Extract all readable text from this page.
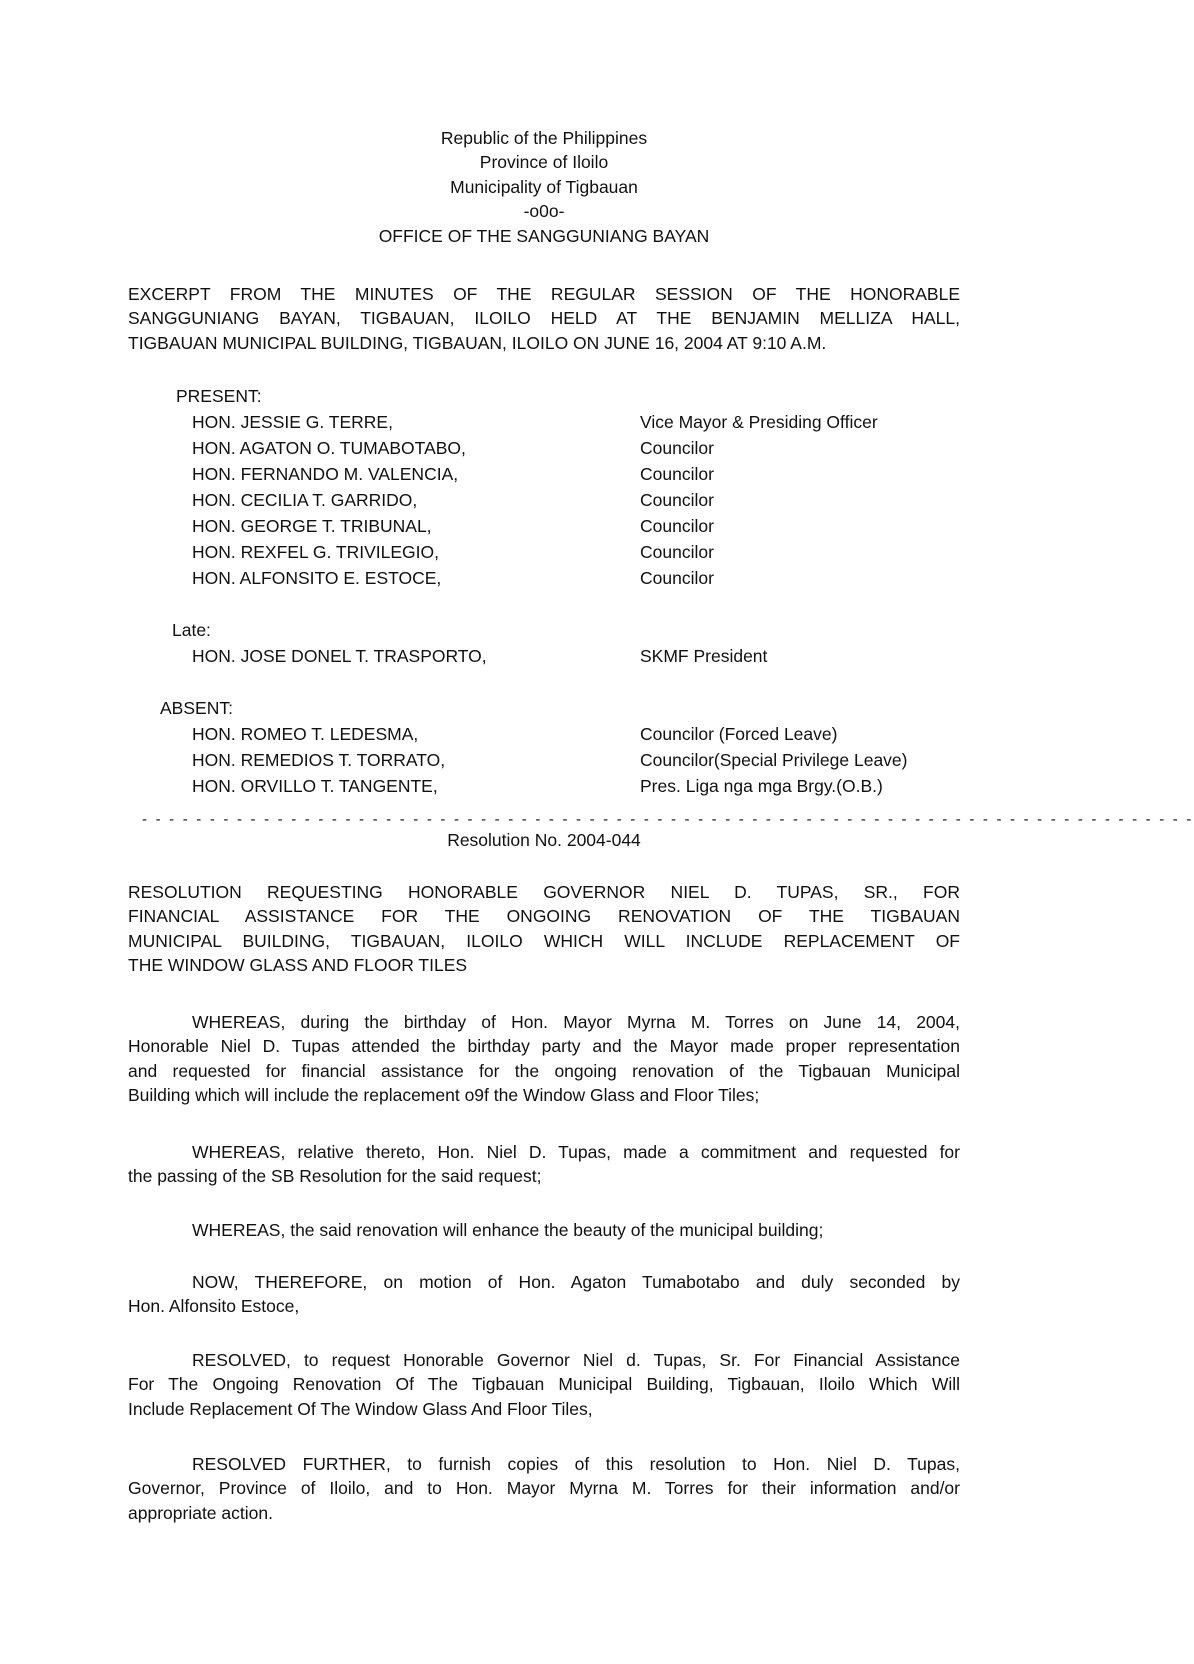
Republic of the Philippines
Province of Iloilo
Municipality of Tigbauan
-o0o-
OFFICE OF THE SANGGUNIANG BAYAN
EXCERPT FROM THE MINUTES OF THE REGULAR SESSION OF THE HONORABLE
SANGGUNIANG BAYAN, TIGBAUAN, ILOILO HELD AT THE BENJAMIN MELLIZA HALL,
TIGBAUAN MUNICIPAL BUILDING, TIGBAUAN, ILOILO ON JUNE 16, 2004 AT 9:10 A.M.
PRESENT:
HON. JESSIE G. TERRE,	Vice Mayor & Presiding Officer
HON. AGATON O. TUMABOTABO,	Councilor
HON. FERNANDO M. VALENCIA,	Councilor
HON. CECILIA T. GARRIDO,	Councilor
HON. GEORGE T. TRIBUNAL,	Councilor
HON. REXFEL G. TRIVILEGIO,	Councilor
HON. ALFONSITO E. ESTOCE,	Councilor
Late:
HON. JOSE DONEL T. TRASPORTO,	SKMF President
ABSENT:
HON. ROMEO T. LEDESMA,	Councilor (Forced Leave)
HON. REMEDIOS T. TORRATO,	Councilor(Special Privilege Leave)
HON. ORVILLO T. TANGENTE,	Pres. Liga nga mga Brgy.(O.B.)
- - - - - - - - - - - - - - - - - - - - - - - - - - - - - - - - - - - - - - - - - - - - - - - - - - - - - - - - - - - - - - - - - - - - - - - - - - - - - -
Resolution No. 2004-044
RESOLUTION REQUESTING HONORABLE GOVERNOR NIEL D. TUPAS, SR., FOR
FINANCIAL ASSISTANCE FOR THE ONGOING RENOVATION OF THE TIGBAUAN
MUNICIPAL BUILDING, TIGBAUAN, ILOILO WHICH WILL INCLUDE REPLACEMENT OF
THE WINDOW GLASS AND FLOOR TILES
WHEREAS, during the birthday of Hon. Mayor Myrna M. Torres on June 14, 2004,
Honorable Niel D. Tupas attended the birthday party and the Mayor made proper representation
and requested for financial assistance for the ongoing renovation of the Tigbauan Municipal
Building which will include the replacement o9f the Window Glass and Floor Tiles;
WHEREAS, relative thereto, Hon. Niel D. Tupas, made a commitment and requested for
the passing of the SB Resolution for the said request;
WHEREAS, the said renovation will enhance the beauty of the municipal building;
NOW, THEREFORE, on motion of Hon. Agaton Tumabotabo and duly seconded by
Hon. Alfonsito Estoce,
RESOLVED, to request Honorable Governor Niel d. Tupas, Sr. For Financial Assistance
For The Ongoing Renovation Of The Tigbauan Municipal Building, Tigbauan, Iloilo Which Will
Include Replacement Of The Window Glass And Floor Tiles,
RESOLVED FURTHER, to furnish copies of this resolution to Hon. Niel D. Tupas,
Governor, Province of Iloilo, and to Hon. Mayor Myrna M. Torres for their information and/or
appropriate action.
